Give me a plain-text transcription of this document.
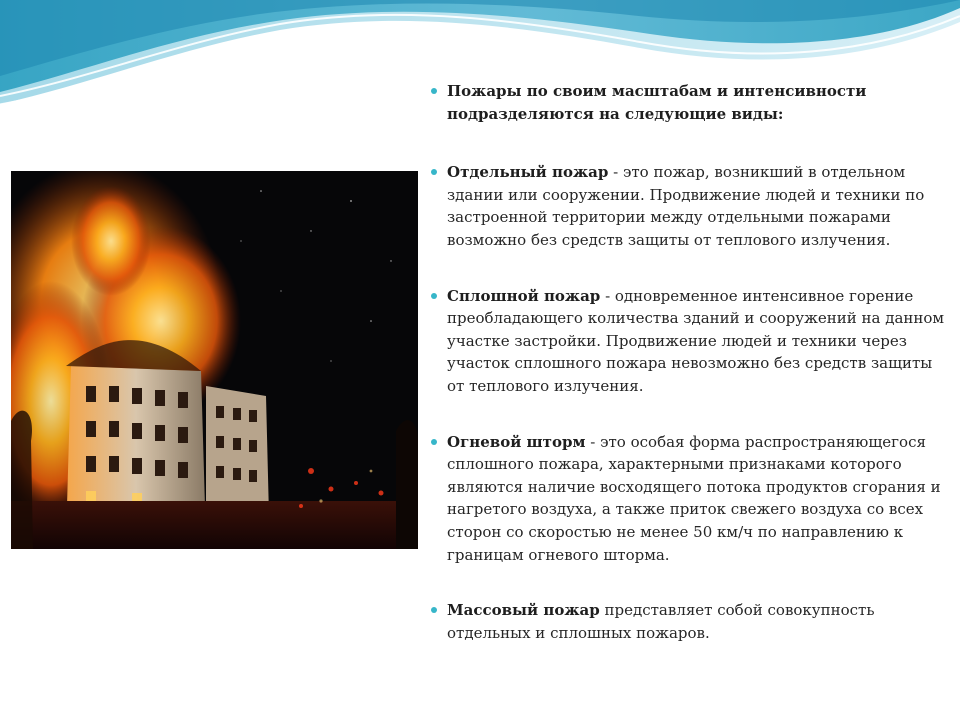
Пожары по своим масштабам и интенсивности подразделяются на следующие виды:

Отдельный пожар - это пожар, возникший в отдельном здании или сооружении. Продвижение людей и техники по застроенной территории между отдельными пожарами возможно без средств защиты от теплового излучения.

Сплошной пожар - одновременное интенсивное горение преобладающего количества зданий и сооружений на данном участке застройки. Продвижение людей и техники через участок сплошного пожара невозможно без средств защиты от теплового излучения.

Огневой шторм - это особая форма распространяющегося сплошного пожара, характерными признаками которого являются наличие восходящего потока продуктов сгорания и нагретого воздуха, а также приток свежего воздуха со всех сторон со скоростью не менее 50 км/ч по направлению к границам огневого шторма.

Массовый пожар представляет собой совокупность отдельных и сплошных пожаров.
